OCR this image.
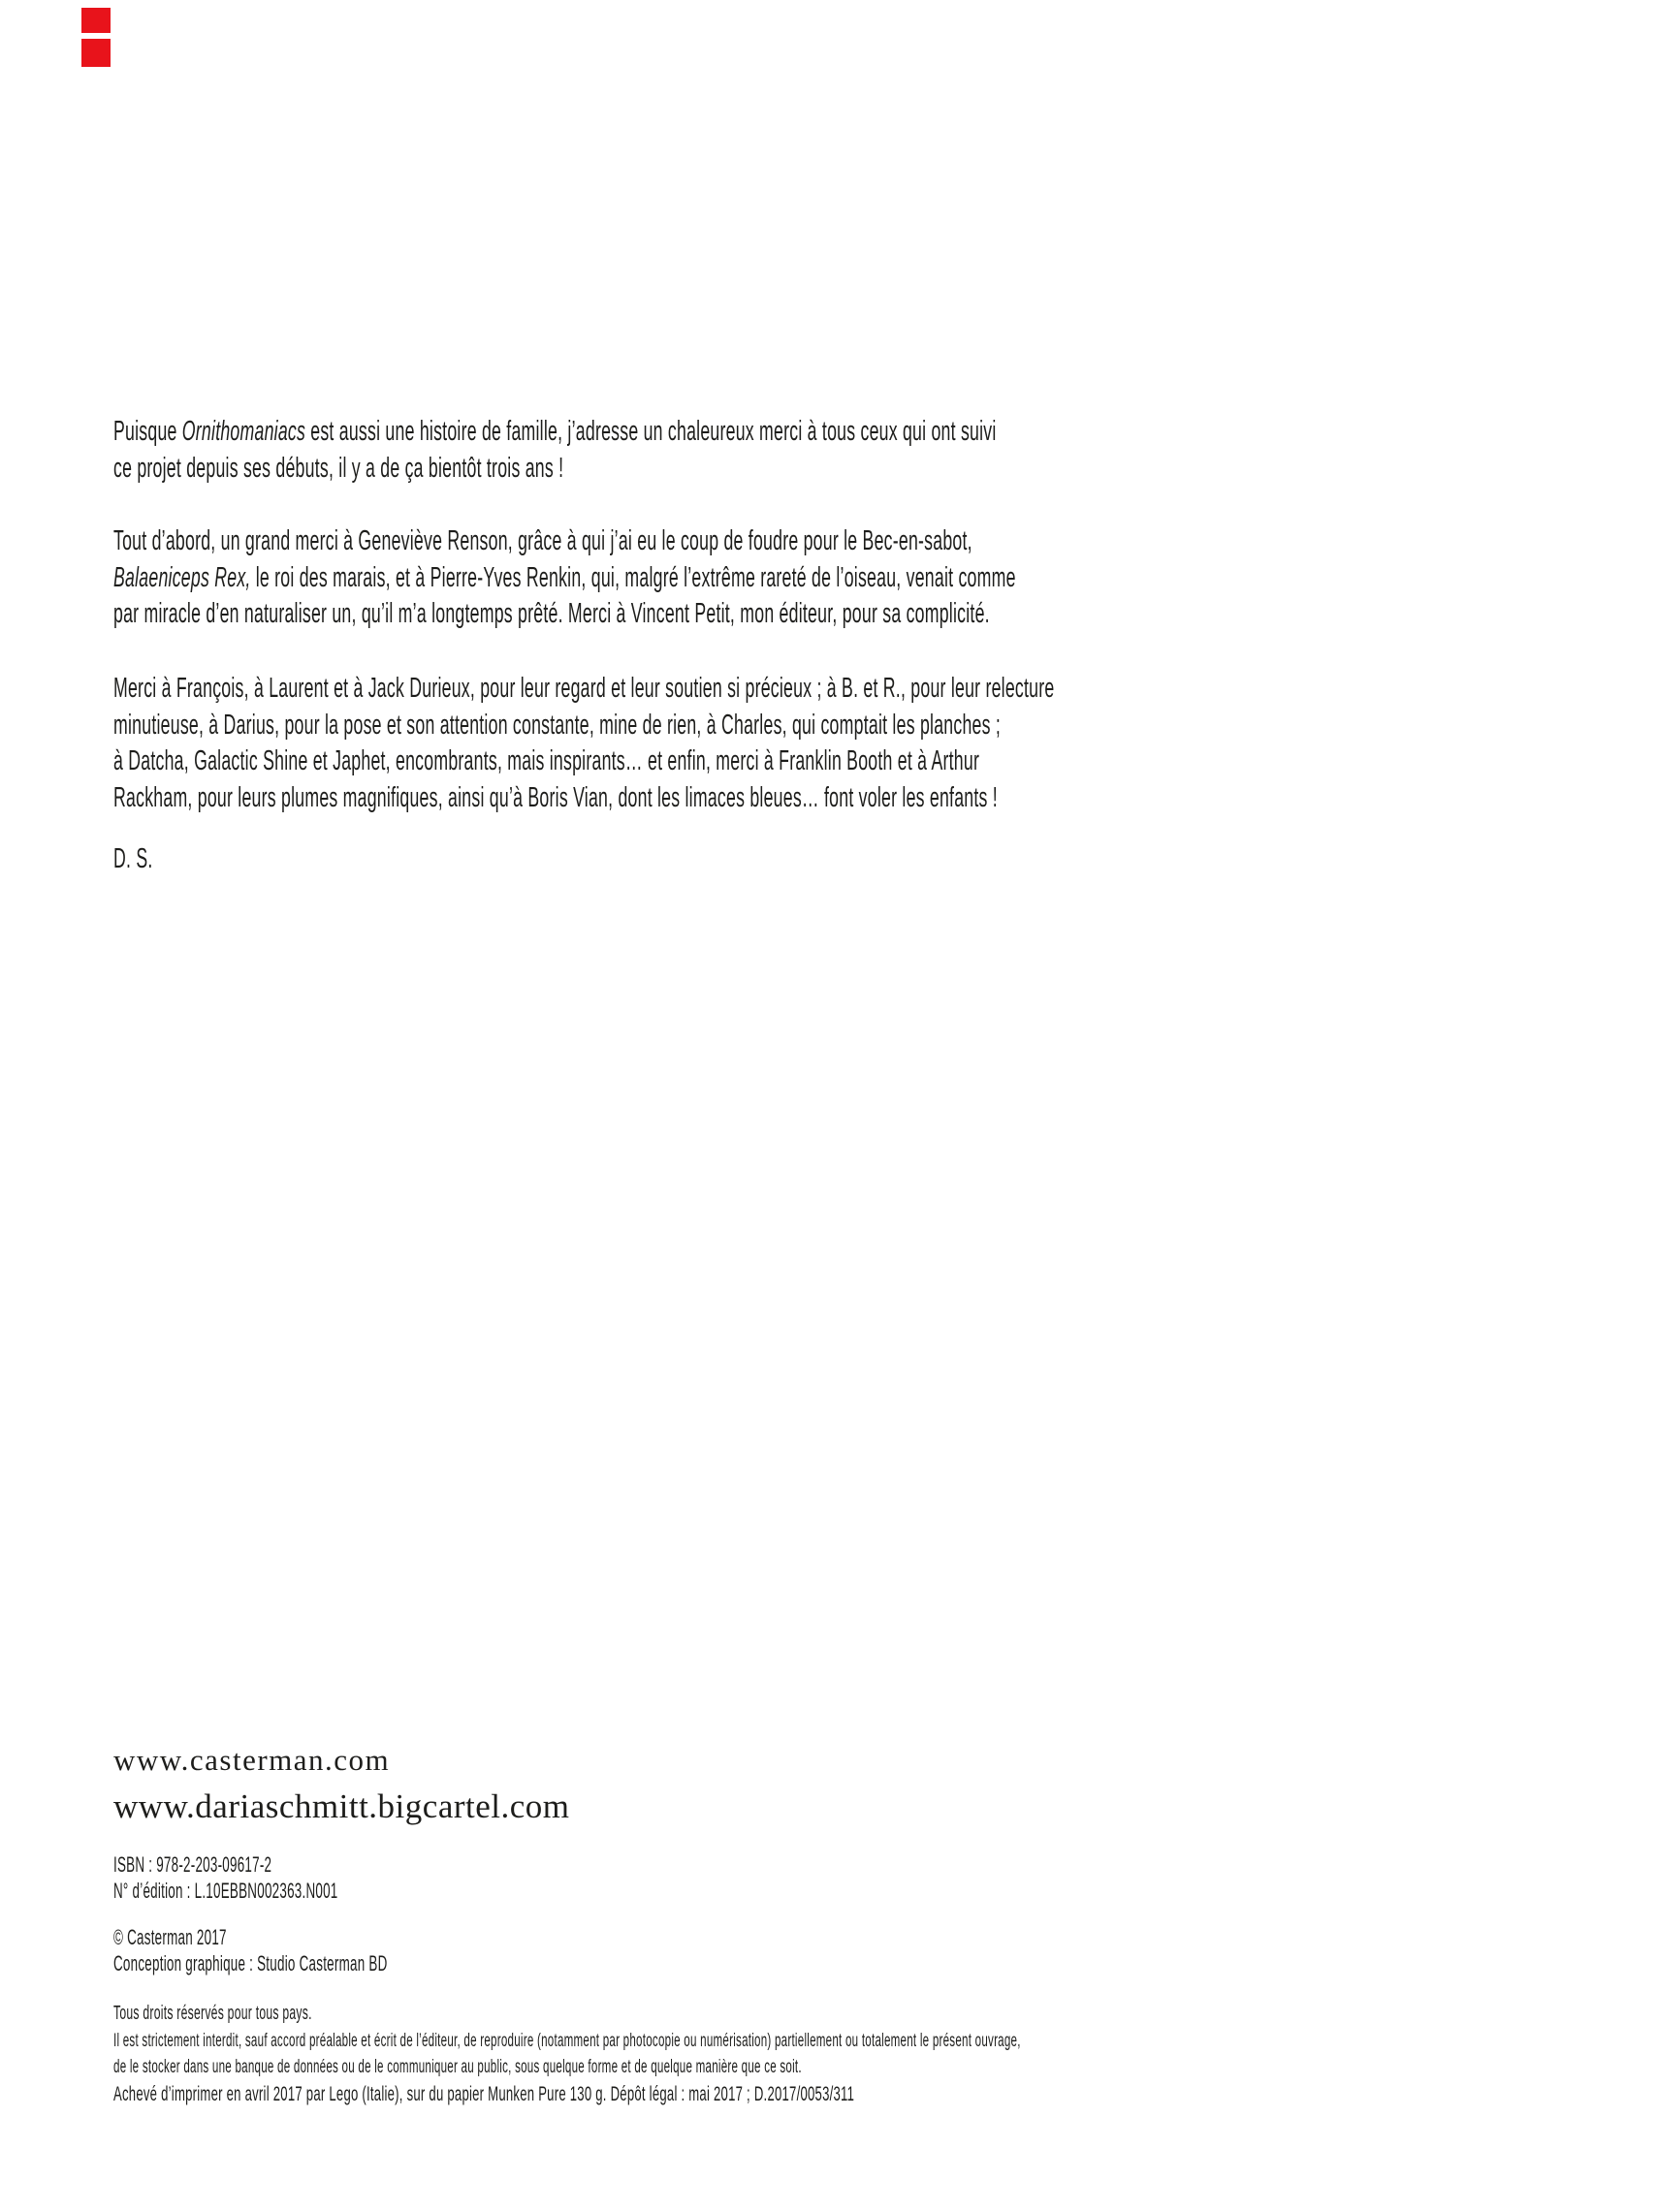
Puisque Ornithomaniacs est aussi une histoire de famille, j’adresse un chaleureux merci à tous ceux qui ont suivi
ce projet depuis ses débuts, il y a de ça bientôt trois ans !
Tout d’abord, un grand merci à Geneviève Renson, grâce à qui j’ai eu le coup de foudre pour le Bec-en-sabot,
Balaeniceps Rex, le roi des marais, et à Pierre-Yves Renkin, qui, malgré l’extrême rareté de l’oiseau, venait comme
par miracle d’en naturaliser un, qu’il m’a longtemps prêté. Merci à Vincent Petit, mon éditeur, pour sa complicité.
Merci à François, à Laurent et à Jack Durieux, pour leur regard et leur soutien si précieux ; à B. et R., pour leur relecture
minutieuse, à Darius, pour la pose et son attention constante, mine de rien, à Charles, qui comptait les planches ;
à Datcha, Galactic Shine et Japhet, encombrants, mais inspirants… et enfin, merci à Franklin Booth et à Arthur
Rackham, pour leurs plumes magnifiques, ainsi qu’à Boris Vian, dont les limaces bleues… font voler les enfants !
D. S.
www.casterman.com
www.dariaschmitt.bigcartel.com
ISBN : 978-2-203-09617-2
N° d’édition : L.10EBBN002363.N001
© Casterman 2017
Conception graphique : Studio Casterman BD
Tous droits réservés pour tous pays.
Il est strictement interdit, sauf accord préalable et écrit de l’éditeur, de reproduire (notamment par photocopie ou numérisation) partiellement ou totalement le présent ouvrage,
de le stocker dans une banque de données ou de le communiquer au public, sous quelque forme et de quelque manière que ce soit.
Achevé d’imprimer en avril 2017 par Lego (Italie), sur du papier Munken Pure 130 g. Dépôt légal : mai 2017 ; D.2017/0053/311
